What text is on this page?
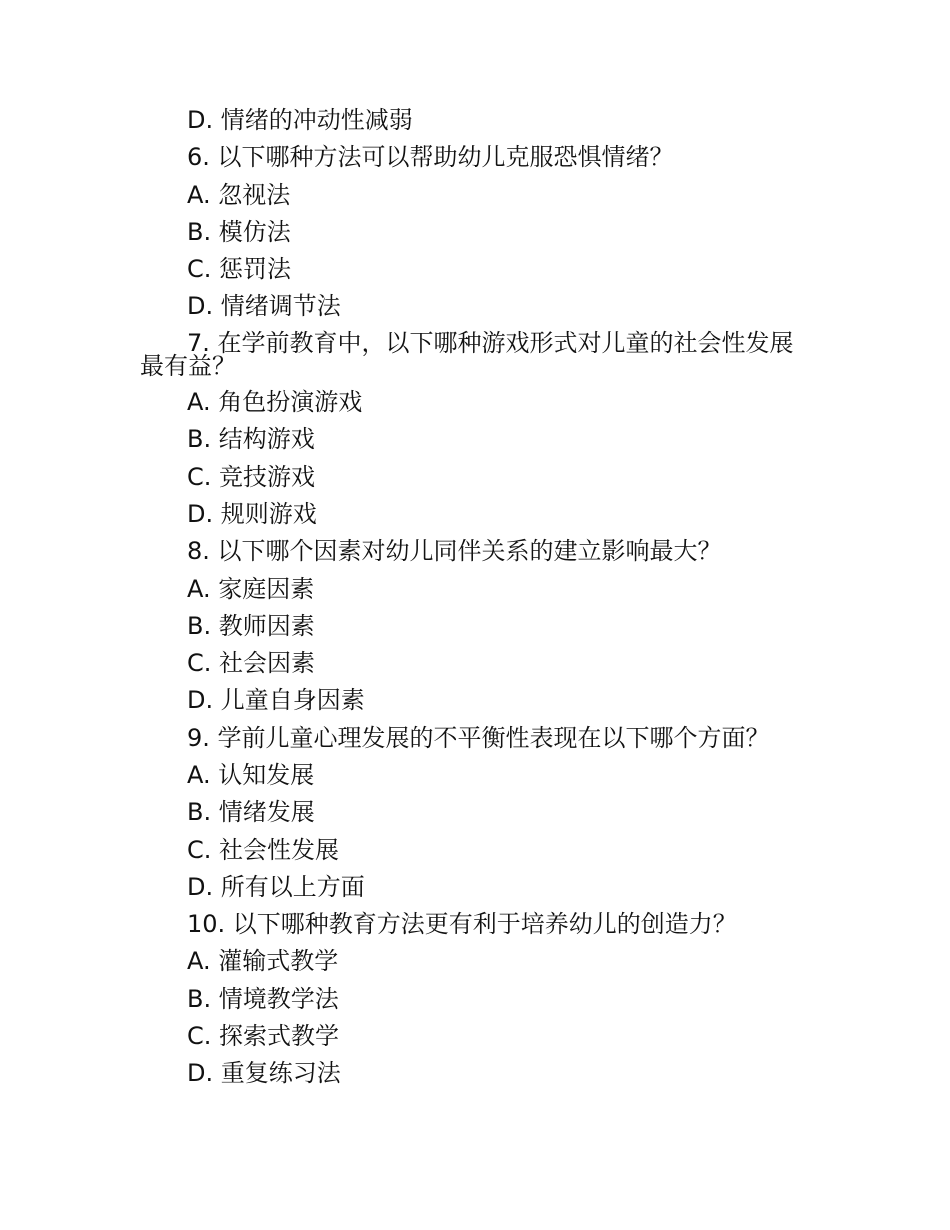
D. 情绪的冲动性减弱
6. 以下哪种方法可以帮助幼儿克服恐惧情绪？
A. 忽视法
B. 模仿法
C. 惩罚法
D. 情绪调节法
7. 在学前教育中，以下哪种游戏形式对儿童的社会性发展
最有益？
A. 角色扮演游戏
B. 结构游戏
C. 竞技游戏
D. 规则游戏
8. 以下哪个因素对幼儿同伴关系的建立影响最大？
A. 家庭因素
B. 教师因素
C. 社会因素
D. 儿童自身因素
9. 学前儿童心理发展的不平衡性表现在以下哪个方面？
A. 认知发展
B. 情绪发展
C. 社会性发展
D. 所有以上方面
10. 以下哪种教育方法更有利于培养幼儿的创造力？
A. 灌输式教学
B. 情境教学法
C. 探索式教学
D. 重复练习法
